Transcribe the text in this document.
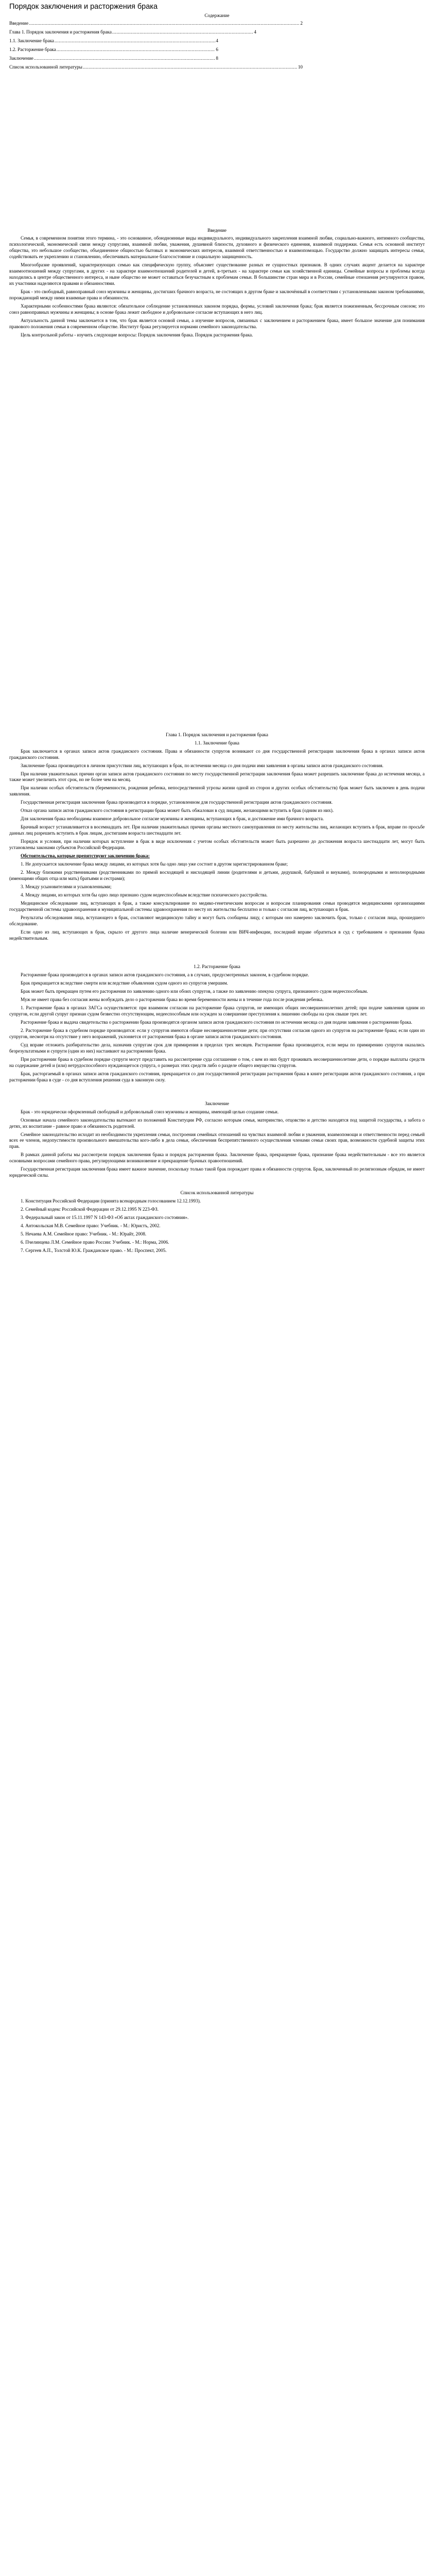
Порядок заключения и расторжения брака
Содержание
Введение .....	2
Глава 1. Порядок заключения и расторжения брака .....	4
1.1. Заключение брака .....	4
1.2. Расторжение брака .....	6
Заключение .....	8
Список использованной литературы .....	10
Введение

Семья, в современном понятии этого термина, - это основанное, обоюдноинные виды индивидуального, индивидуального закрепления взаимной любви, социально-важного, интимного сообщества, психологической, экономической связи между супругами, взаимной любви, уважения, душевной близости, духовного и физического единения, взаимной поддержки. Семья есть основной институт общества, это небольшое сообщество, объединенное общностью бытовых и экономических интересов, взаимной ответственностью и взаимопомощью. Государство должно защищать интересы семьи, содействовать ее укреплению и становлению, обеспечивать материальное благосостояние и социальную защищенность.

Многообразие проявлений, характеризующих семью как специфическую группу, объясняет существование разных ее сущностных признаков. В одних случаях акцент делается на характере взаимоотношений между супругами, в других - на характере взаимоотношений родителей и детей, в-третьих - на характере семьи как хозяйственной единицы. Семейные вопросы и проблемы всегда находились в центре общественного интереса, и ныне общество не может оставаться безучастным к проблемам семьи. В большинстве стран мира и в России, семейные отношения регулируются правом, их участники наделяются правами и обязанностями.

Брак - это свободный, равноправный союз мужчины и женщины, достигших брачного возраста, не состоящих в другом браке и заключённый в соответствии с установленными законом требованиями, порождающий между ними взаимные права и обязанности.

Характерными особенностями брака являются: обязательное соблюдение установленных законом порядка, формы, условий заключения брака; брак является пожизненным, бессрочным союзом; это союз равноправных мужчины и женщины; в основе брака лежит свободное и добровольное согласие вступающих в него лиц.

Актуальность данной темы заключается в том, что брак является основой семьи, а изучение вопросов, связанных с заключением и расторжением брака, имеет большое значение для понимания правового положения семьи в современном обществе. Институт брака регулируется нормами семейного законодательства.

Цель контрольной работы - изучить следующие вопросы: Порядок заключения брака. Порядок расторжения брака.

Глава 1. Порядок заключения и расторжения брака
1.1. Заключение брака

Брак заключается в органах записи актов гражданского состояния. Права и обязанности супругов возникают со дня государственной регистрации заключения брака в органах записи актов гражданского состояния.

Заключение брака производится в личном присутствии лиц, вступающих в брак, по истечении месяца со дня подачи ими заявления в органы записи актов гражданского состояния.

При наличии уважительных причин орган записи актов гражданского состояния по месту государственной регистрации заключения брака может разрешить заключение брака до истечения месяца, а также может увеличить этот срок, но не более чем на месяц.

При наличии особых обстоятельств (беременности, рождения ребенка, непосредственной угрозы жизни одной из сторон и других особых обстоятельств) брак может быть заключен в день подачи заявления.

Государственная регистрация заключения брака производится в порядке, установленном для государственной регистрации актов гражданского состояния.

Отказ органа записи актов гражданского состояния в регистрации брака может быть обжалован в суд лицами, желающими вступить в брак (одним из них).

Для заключения брака необходимы взаимное добровольное согласие мужчины и женщины, вступающих в брак, и достижение ими брачного возраста.

Брачный возраст устанавливается в восемнадцать лет. При наличии уважительных причин органы местного самоуправления по месту жительства лиц, желающих вступить в брак, вправе по просьбе данных лиц разрешить вступить в брак лицам, достигшим возраста шестнадцати лет.

Порядок и условия, при наличии которых вступление в брак в виде исключения с учетом особых обстоятельств может быть разрешено до достижения возраста шестнадцати лет, могут быть установлены законами субъектов Российской Федерации.

Обстоятельства, которые препятствуют заключению брака:

1. Не допускается заключение брака между лицами, из которых хотя бы одно лицо уже состоит в другом зарегистрированном браке;

2. Между близкими родственниками (родственниками по прямой восходящей и нисходящей линии (родителями и детьми, дедушкой, бабушкой и внуками), полнородными и неполнородными (имеющими общих отца или мать) братьями и сестрами);

3. Между усыновителями и усыновленными;

4. Между лицами, из которых хотя бы одно лицо признано судом недееспособным вследствие психического расстройства.

Медицинское обследование лиц, вступающих в брак, а также консультирование по медико-генетическим вопросам и вопросам планирования семьи проводятся медицинскими организациями государственной системы здравоохранения и муниципальной системы здравоохранения по месту их жительства бесплатно и только с согласия лиц, вступающих в брак.

Результаты обследования лица, вступающего в брак, составляют медицинскую тайну и могут быть сообщены лицу, с которым оно намерено заключить брак, только с согласия лица, прошедшего обследование.

Если одно из лиц, вступающих в брак, скрыло от другого лица наличие венерической болезни или ВИЧ-инфекции, последний вправе обратиться в суд с требованием о признании брака недействительным.

1.2. Расторжение брака

Расторжение брака производится в органах записи актов гражданского состояния, а в случаях, предусмотренных законом, в судебном порядке.

Брак прекращается вследствие смерти или вследствие объявления судом одного из супругов умершим.

Брак может быть прекращен путем его расторжения по заявлению одного или обоих супругов, а также по заявлению опекуна супруга, признанного судом недееспособным.

Муж не имеет права без согласия жены возбуждать дело о расторжении брака во время беременности жены и в течение года после рождения ребенка.

1. Расторжение брака в органах ЗАГСа осуществляется: при взаимном согласии на расторжение брака супругов, не имеющих общих несовершеннолетних детей; при подаче заявления одним из супругов, если другой супруг признан судом безвестно отсутствующим, недееспособным или осужден за совершение преступления к лишению свободы на срок свыше трех лет.

Расторжение брака и выдача свидетельства о расторжении брака производятся органом записи актов гражданского состояния по истечении месяца со дня подачи заявления о расторжении брака.

2. Расторжение брака в судебном порядке производится: если у супругов имеются общие несовершеннолетние дети; при отсутствии согласия одного из супругов на расторжение брака; если один из супругов, несмотря на отсутствие у него возражений, уклоняется от расторжения брака в органе записи актов гражданского состояния.

Суд вправе отложить разбирательство дела, назначив супругам срок для примирения в пределах трех месяцев. Расторжение брака производится, если меры по примирению супругов оказались безрезультатными и супруги (один из них) настаивают на расторжении брака.

При расторжении брака в судебном порядке супруги могут представить на рассмотрение суда соглашение о том, с кем из них будут проживать несовершеннолетние дети, о порядке выплаты средств на содержание детей и (или) нетрудоспособного нуждающегося супруга, о размерах этих средств либо о разделе общего имущества супругов.

Брак, расторгаемый в органах записи актов гражданского состояния, прекращается со дня государственной регистрации расторжения брака в книге регистрации актов гражданского состояния, а при расторжении брака в суде - со дня вступления решения суда в законную силу.

Заключение

Брак - это юридически оформленный свободный и добровольный союз мужчины и женщины, имеющий целью создание семьи.

Основные начала семейного законодательства вытекают из положений Конституции РФ, согласно которым семья, материнство, отцовство и детство находятся под защитой государства, а забота о детях, их воспитание - равное право и обязанность родителей.

Семейное законодательство исходит из необходимости укрепления семьи, построения семейных отношений на чувствах взаимной любви и уважения, взаимопомощи и ответственности перед семьей всех ее членов, недопустимости произвольного вмешательства кого-либо в дела семьи, обеспечения беспрепятственного осуществления членами семьи своих прав, возможности судебной защиты этих прав.

В рамках данной работы мы рассмотрели порядок заключения брака и порядок расторжения брака. Заключение брака, прекращение брака, признание брака недействительным - все это является основными вопросами семейного права, регулирующими возникновение и прекращение брачных правоотношений.

Государственная регистрация заключения брака имеет важное значение, поскольку только такой брак порождает права и обязанности супругов. Брак, заключенный по религиозным обрядам, не имеет юридической силы.

Список использованной литературы

1. Конституция Российской Федерации (принята всенародным голосованием 12.12.1993).

2. Семейный кодекс Российской Федерации от 29.12.1995 N 223-ФЗ.

3. Федеральный закон от 15.11.1997 N 143-ФЗ «Об актах гражданского состояния».

4. Антокольская М.В. Семейное право: Учебник. - М.: Юристъ, 2002.

5. Нечаева А.М. Семейное право: Учебник. - М.: Юрайт, 2008.

6. Пчелинцева Л.М. Семейное право России: Учебник. - М.: Норма, 2006.

7. Сергеев А.П., Толстой Ю.К. Гражданское право. - М.: Проспект, 2005.
